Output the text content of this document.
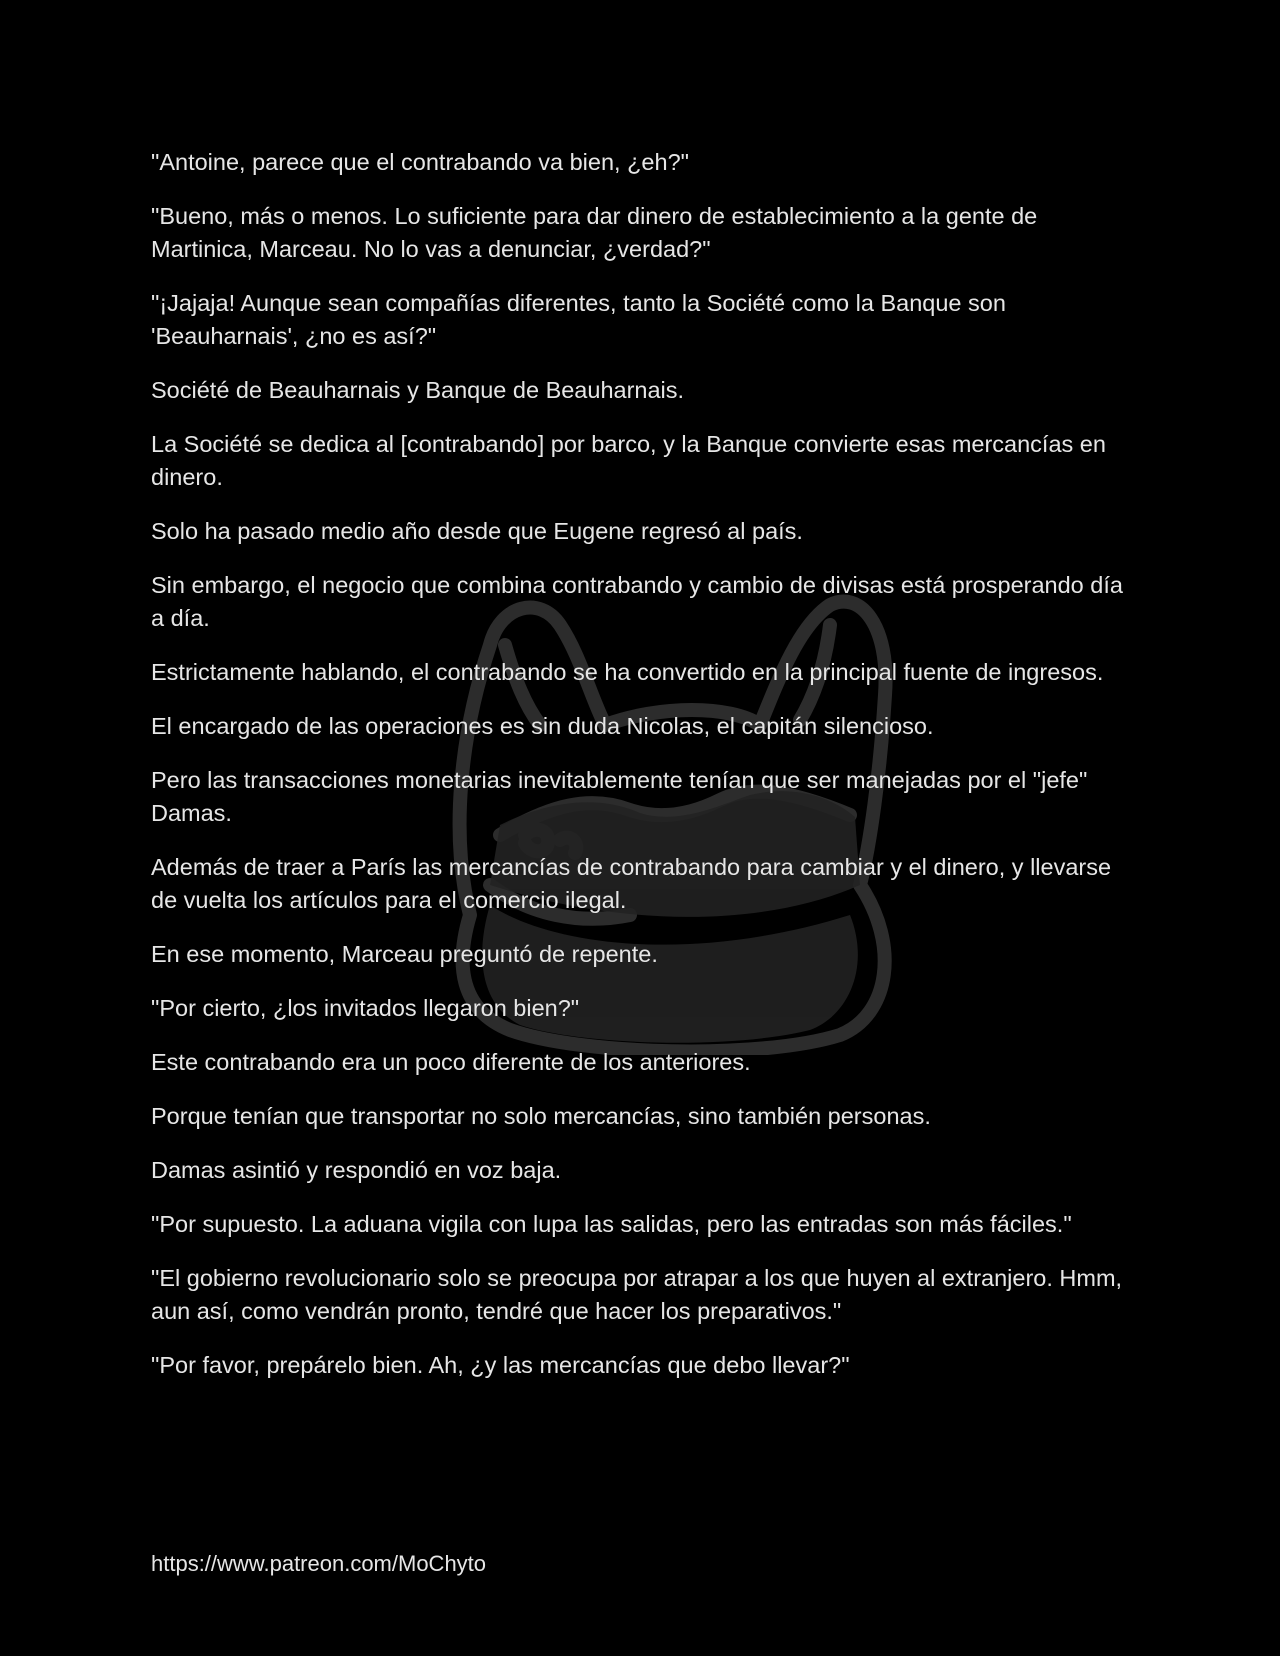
"Antoine, parece que el contrabando va bien, ¿eh?"

"Bueno, más o menos. Lo suficiente para dar dinero de establecimiento a la gente de Martinica, Marceau. No lo vas a denunciar, ¿verdad?"

"¡Jajaja! Aunque sean compañías diferentes, tanto la Société como la Banque son 'Beauharnais', ¿no es así?"

Société de Beauharnais y Banque de Beauharnais.

La Société se dedica al [contrabando] por barco, y la Banque convierte esas mercancías en dinero.

Solo ha pasado medio año desde que Eugene regresó al país.

Sin embargo, el negocio que combina contrabando y cambio de divisas está prosperando día a día.

Estrictamente hablando, el contrabando se ha convertido en la principal fuente de ingresos.

El encargado de las operaciones es sin duda Nicolas, el capitán silencioso.

Pero las transacciones monetarias inevitablemente tenían que ser manejadas por el "jefe" Damas.

Además de traer a París las mercancías de contrabando para cambiar y el dinero, y llevarse de vuelta los artículos para el comercio ilegal.

En ese momento, Marceau preguntó de repente.

"Por cierto, ¿los invitados llegaron bien?"

Este contrabando era un poco diferente de los anteriores.

Porque tenían que transportar no solo mercancías, sino también personas.

Damas asintió y respondió en voz baja.

"Por supuesto. La aduana vigila con lupa las salidas, pero las entradas son más fáciles."

"El gobierno revolucionario solo se preocupa por atrapar a los que huyen al extranjero. Hmm, aun así, como vendrán pronto, tendré que hacer los preparativos."

"Por favor, prepárelo bien. Ah, ¿y las mercancías que debo llevar?"

https://www.patreon.com/MoChyto
